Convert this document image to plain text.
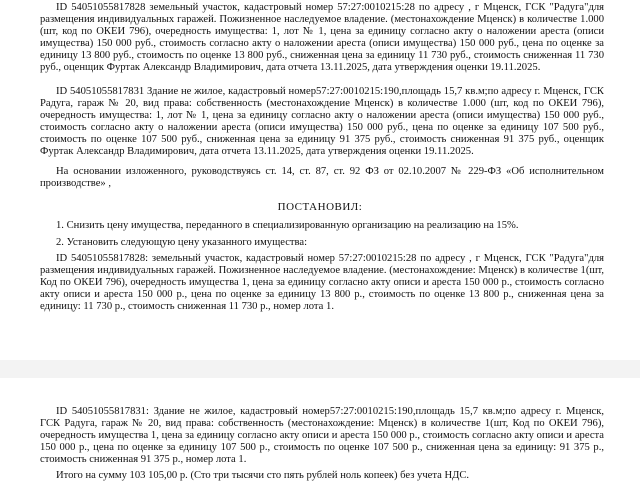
ID 54051055817828 земельный участок, кадастровый номер 57:27:0010215:28 по адресу , г Мценск, ГСК "Радуга"для размещения индивидуальных гаражей. Пожизненное наследуемое владение. (местонахождение Мценск) в количестве 1.000 (шт, код по ОКЕИ 796), очередность имущества: 1, лот № 1, цена за единицу согласно акту о наложении ареста (описи имущества) 150 000 руб., стоимость согласно акту о наложении ареста (описи имущества) 150 000 руб., цена по оценке за единицу 13 800 руб., стоимость по оценке 13 800 руб., сниженная цена за единицу 11 730 руб., стоимость сниженная 11 730 руб., оценщик Фуртак Александр Владимирович, дата отчета 13.11.2025, дата утверждения оценки 19.11.2025.

ID 54051055817831 Здание не жилое, кадастровый номер57:27:0010215:190,площадь 15,7 кв.м;по адресу г. Мценск, ГСК Радуга, гараж № 20, вид права: собственность (местонахождение Мценск) в количестве 1.000 (шт, код по ОКЕИ 796), очередность имущества: 1, лот № 1, цена за единицу согласно акту о наложении ареста (описи имущества) 150 000 руб., стоимость согласно акту о наложении ареста (описи имущества) 150 000 руб., цена по оценке за единицу 107 500 руб., стоимость по оценке 107 500 руб., сниженная цена за единицу 91 375 руб., стоимость сниженная 91 375 руб., оценщик Фуртак Александр Владимирович, дата отчета 13.11.2025, дата утверждения оценки 19.11.2025.

На основании изложенного, руководствуясь ст. 14, ст. 87, ст. 92 ФЗ от 02.10.2007 № 229-ФЗ «Об исполнительном производстве» ,

ПОСТАНОВИЛ:
1. Снизить цену имущества, переданного в специализированную организацию на реализацию на 15%.
2. Установить следующую цену указанного имущества:

ID 54051055817828: земельный участок, кадастровый номер 57:27:0010215:28 по адресу , г Мценск, ГСК "Радуга"для размещения индивидуальных гаражей. Пожизненное наследуемое владение. (местонахождение: Мценск) в количестве 1(шт, Код по ОКЕИ 796), очередность имущества 1, цена за единицу согласно акту описи и ареста 150 000 р., стоимость согласно акту описи и ареста 150 000 р., цена по оценке за единицу 13 800 р., стоимость по оценке 13 800 р., сниженная цена за единицу: 11 730 р., стоимость сниженная 11 730 р., номер лота 1.

ID 54051055817831: Здание не жилое, кадастровый номер57:27:0010215:190,площадь 15,7 кв.м;по адресу г. Мценск, ГСК Радуга, гараж № 20, вид права: собственность (местонахождение: Мценск) в количестве 1(шт, Код по ОКЕИ 796), очередность имущества 1, цена за единицу согласно акту описи и ареста 150 000 р., стоимость согласно акту описи и ареста 150 000 р., цена по оценке за единицу 107 500 р., стоимость по оценке 107 500 р., сниженная цена за единицу: 91 375 р., стоимость сниженная 91 375 р., номер лота 1.

Итого на сумму 103 105,00 р. (Сто три тысячи сто пять рублей ноль копеек) без учета НДС.
